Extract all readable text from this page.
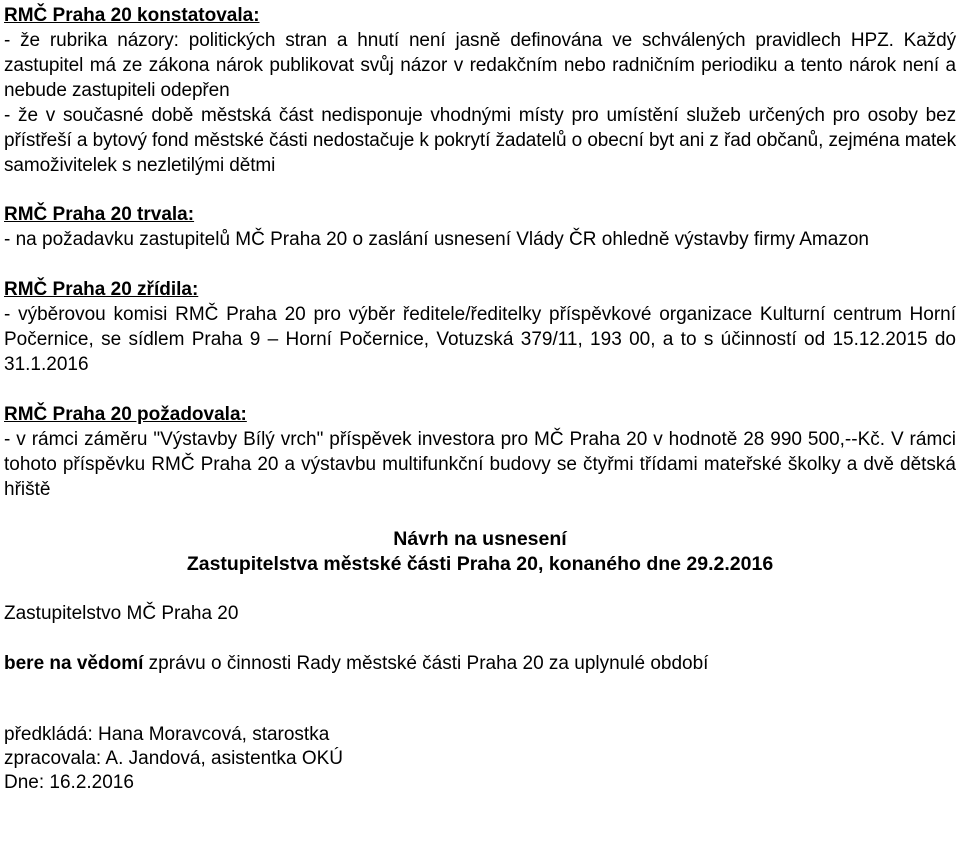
RMČ Praha 20 konstatovala:

- že rubrika názory: politických stran a hnutí není jasně definována ve schválených pravidlech HPZ. Každý zastupitel má ze zákona nárok publikovat svůj názor v redakčním nebo radničním periodiku a tento nárok není a nebude zastupiteli odepřen

- že v současné době městská část nedisponuje vhodnými místy pro umístění služeb určených pro osoby bez přístřeší a bytový fond městské části nedostačuje k pokrytí žadatelů o obecní byt ani z řad občanů, zejména matek samoživitelek s nezletilými dětmi

RMČ Praha 20 trvala:

- na požadavku zastupitelů MČ Praha 20 o zaslání usnesení Vlády ČR ohledně výstavby firmy Amazon

RMČ Praha 20 zřídila:

- výběrovou komisi RMČ Praha 20 pro výběr ředitele/ředitelky příspěvkové organizace Kulturní centrum Horní Počernice, se sídlem Praha 9 – Horní Počernice, Votuzská 379/11, 193 00, a to s účinností od 15.12.2015 do 31.1.2016

RMČ Praha 20 požadovala:

- v rámci záměru "Výstavby Bílý vrch" příspěvek investora pro MČ Praha 20 v hodnotě 28 990 500,--Kč. V rámci tohoto příspěvku RMČ Praha 20 a výstavbu multifunkční budovy se čtyřmi třídami mateřské školky a dvě dětská hřiště

Návrh na usnesení

Zastupitelstva městské části Praha 20, konaného dne 29.2.2016

Zastupitelstvo MČ Praha 20

bere na vědomí zprávu o činnosti Rady městské části Praha 20 za uplynulé období

předkládá: Hana Moravcová, starostka

zpracovala: A. Jandová, asistentka OKÚ

Dne: 16.2.2016
